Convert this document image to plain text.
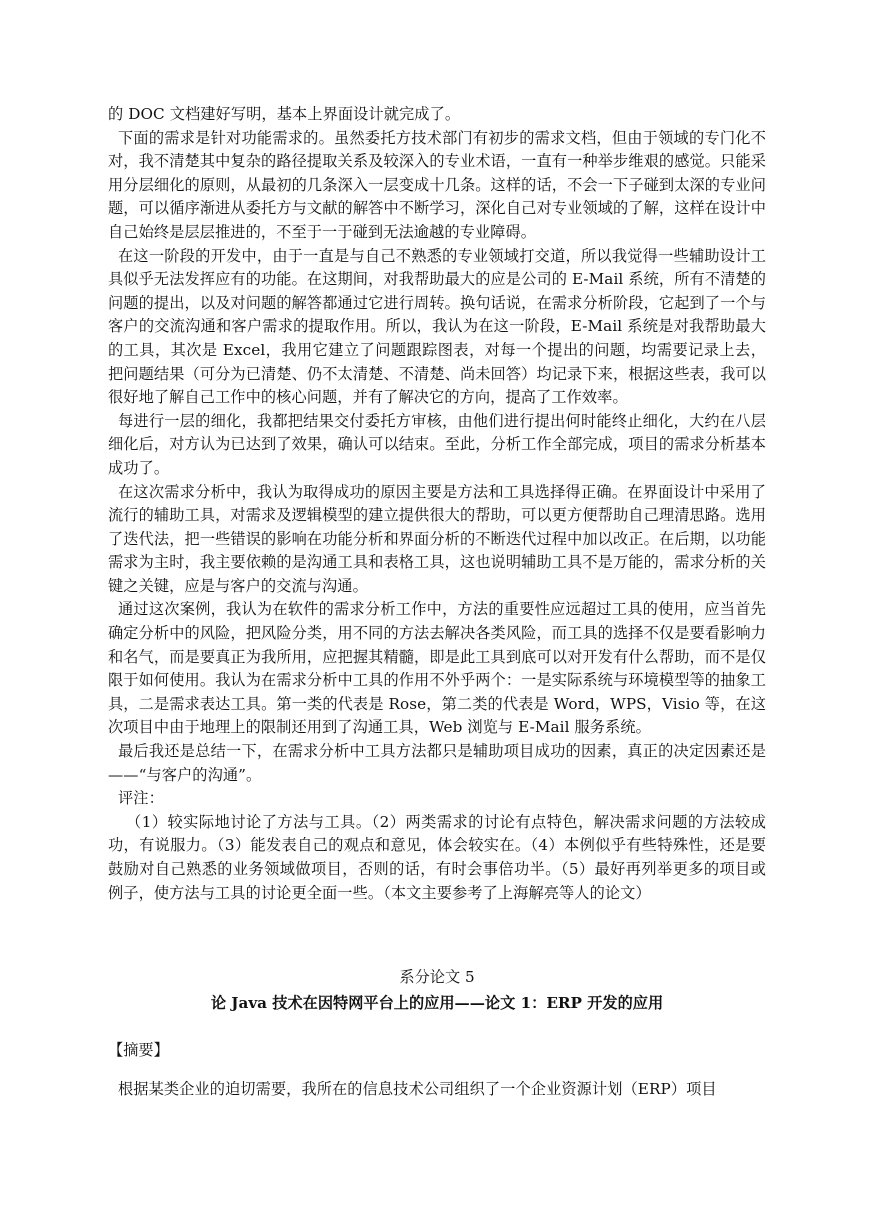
的 DOC 文档建好写明，基本上界面设计就完成了。

下面的需求是针对功能需求的。虽然委托方技术部门有初步的需求文档，但由于领域的专门化不对，我不清楚其中复杂的路径提取关系及较深入的专业术语，一直有一种举步维艰的感觉。只能采用分层细化的原则，从最初的几条深入一层变成十几条。这样的话，不会一下子碰到太深的专业问题，可以循序渐进从委托方与文献的解答中不断学习，深化自己对专业领域的了解，这样在设计中自己始终是层层推进的，不至于一于碰到无法逾越的专业障碍。

在这一阶段的开发中，由于一直是与自己不熟悉的专业领域打交道，所以我觉得一些辅助设计工具似乎无法发挥应有的功能。在这期间，对我帮助最大的应是公司的 E-Mail 系统，所有不清楚的问题的提出，以及对问题的解答都通过它进行周转。换句话说，在需求分析阶段，它起到了一个与客户的交流沟通和客户需求的提取作用。所以，我认为在这一阶段，E-Mail 系统是对我帮助最大的工具，其次是 Excel，我用它建立了问题跟踪图表，对每一个提出的问题，均需要记录上去，把问题结果（可分为已清楚、仍不太清楚、不清楚、尚未回答）均记录下来，根据这些表，我可以很好地了解自己工作中的核心问题，并有了解决它的方向，提高了工作效率。

每进行一层的细化，我都把结果交付委托方审核，由他们进行提出何时能终止细化，大约在八层细化后，对方认为已达到了效果，确认可以结束。至此，分析工作全部完成，项目的需求分析基本成功了。

在这次需求分析中，我认为取得成功的原因主要是方法和工具选择得正确。在界面设计中采用了流行的辅助工具，对需求及逻辑模型的建立提供很大的帮助，可以更方便帮助自己理清思路。选用了迭代法，把一些错误的影响在功能分析和界面分析的不断迭代过程中加以改正。在后期，以功能需求为主时，我主要依赖的是沟通工具和表格工具，这也说明辅助工具不是万能的，需求分析的关键之关键，应是与客户的交流与沟通。

通过这次案例，我认为在软件的需求分析工作中，方法的重要性应远超过工具的使用，应当首先确定分析中的风险，把风险分类，用不同的方法去解决各类风险，而工具的选择不仅是要看影响力和名气，而是要真正为我所用，应把握其精髓，即是此工具到底可以对开发有什么帮助，而不是仅限于如何使用。我认为在需求分析中工具的作用不外乎两个：一是实际系统与环境模型等的抽象工具，二是需求表达工具。第一类的代表是 Rose，第二类的代表是 Word，WPS，Visio 等，在这次项目中由于地理上的限制还用到了沟通工具，Web 浏览与 E-Mail 服务系统。

最后我还是总结一下，在需求分析中工具方法都只是辅助项目成功的因素，真正的决定因素还是——“与客户的沟通”。

评注：

（1）较实际地讨论了方法与工具。（2）两类需求的讨论有点特色，解决需求问题的方法较成功，有说服力。（3）能发表自己的观点和意见，体会较实在。（4）本例似乎有些特殊性，还是要鼓励对自己熟悉的业务领域做项目，否则的话，有时会事倍功半。（5）最好再列举更多的项目或例子，使方法与工具的讨论更全面一些。（本文主要参考了上海解亮等人的论文）

系分论文 5

论 Java 技术在因特网平台上的应用——论文 1：ERP 开发的应用

【摘要】

根据某类企业的迫切需要，我所在的信息技术公司组织了一个企业资源计划（ERP）项目
